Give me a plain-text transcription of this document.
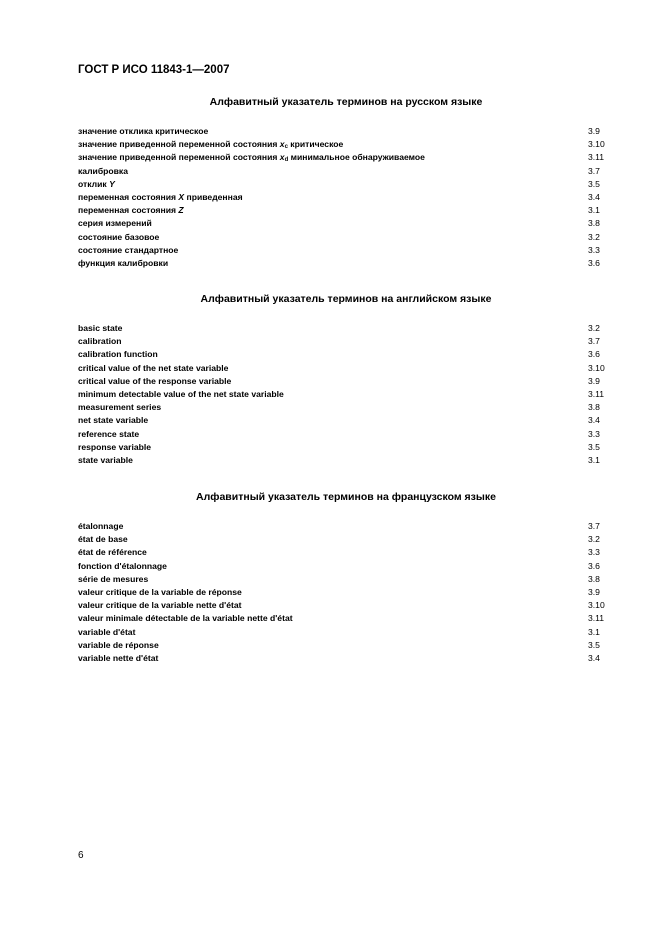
ГОСТ Р ИСО 11843-1—2007
Алфавитный указатель терминов на русском языке
значение отклика критическое	3.9
значение приведенной переменной состояния $x_c$ критическое	3.10
значение приведенной переменной состояния $x_d$ минимальное обнаруживаемое	3.11
калибровка	3.7
отклик Y	3.5
переменная состояния X приведенная	3.4
переменная состояния Z	3.1
серия измерений	3.8
состояние базовое	3.2
состояние стандартное	3.3
функция калибровки	3.6
Алфавитный указатель терминов на английском языке
basic state	3.2
calibration	3.7
calibration function	3.6
critical value of the net state variable	3.10
critical value of the response variable	3.9
minimum detectable value of the net state variable	3.11
measurement series	3.8
net state variable	3.4
reference state	3.3
response variable	3.5
state variable	3.1
Алфавитный указатель терминов на французском языке
étalonnage	3.7
état de base	3.2
état de référence	3.3
fonction d'étalonnage	3.6
série de mesures	3.8
valeur critique de la variable de réponse	3.9
valeur critique de la variable nette d'état	3.10
valeur minimale détectable de la variable nette d'état	3.11
variable d'état	3.1
variable de réponse	3.5
variable nette d'état	3.4
6
